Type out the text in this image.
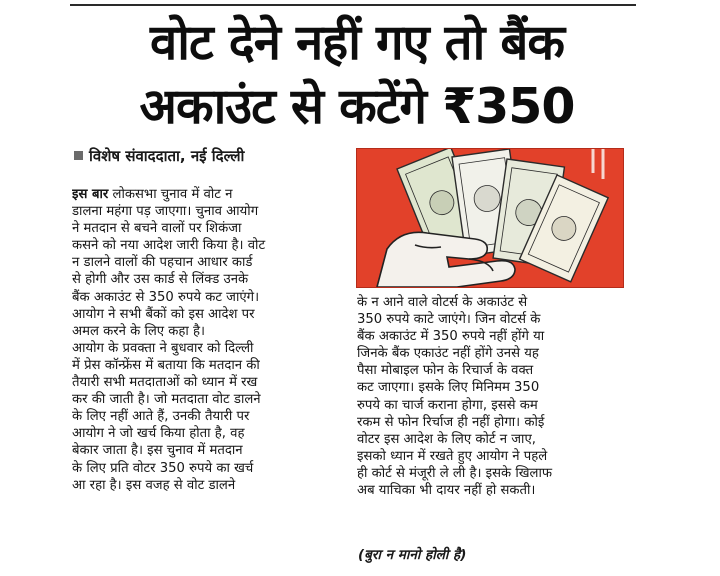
वोट देने नहीं गए तो बैंक
अकाउंट से कटेंगे ₹350
विशेष संवाददाता, नई दिल्ली
इस बार लोकसभा चुनाव में वोट न
डालना महंगा पड़ जाएगा। चुनाव आयोग
ने मतदान से बचने वालों पर शिकंजा
कसने को नया आदेश जारी किया है। वोट
न डालने वालों की पहचान आधार कार्ड
से होगी और उस कार्ड से लिंक्ड उनके
बैंक अकाउंट से 350 रुपये कट जाएंगे।
आयोग ने सभी बैंकों को इस आदेश पर
अमल करने के लिए कहा है।
आयोग के प्रवक्ता ने बुधवार को दिल्ली
में प्रेस कॉन्फ्रेंस में बताया कि मतदान की
तैयारी सभी मतदाताओं को ध्यान में रख
कर की जाती है। जो मतदाता वोट डालने
के लिए नहीं आते हैं, उनकी तैयारी पर
आयोग ने जो खर्च किया होता है, वह
बेकार जाता है। इस चुनाव में मतदान
के लिए प्रति वोटर 350 रुपये का खर्च
आ रहा है। इस वजह से वोट डालने
के न आने वाले वोटर्स के अकाउंट से
350 रुपये काटे जाएंगे। जिन वोटर्स के
बैंक अकाउंट में 350 रुपये नहीं होंगे या
जिनके बैंक एकाउंट नहीं होंगे उनसे यह
पैसा मोबाइल फोन के रिचार्ज के वक्त
कट जाएगा। इसके लिए मिनिमम 350
रुपये का चार्ज कराना होगा, इससे कम
रकम से फोन रिर्चाज ही नहीं होगा। कोई
वोटर इस आदेश के लिए कोर्ट न जाए,
इसको ध्यान में रखते हुए आयोग ने पहले
ही कोर्ट से मंजूरी ले ली है। इसके खिलाफ
अब याचिका भी दायर नहीं हो सकती।
(बुरा न मानो होली है)
